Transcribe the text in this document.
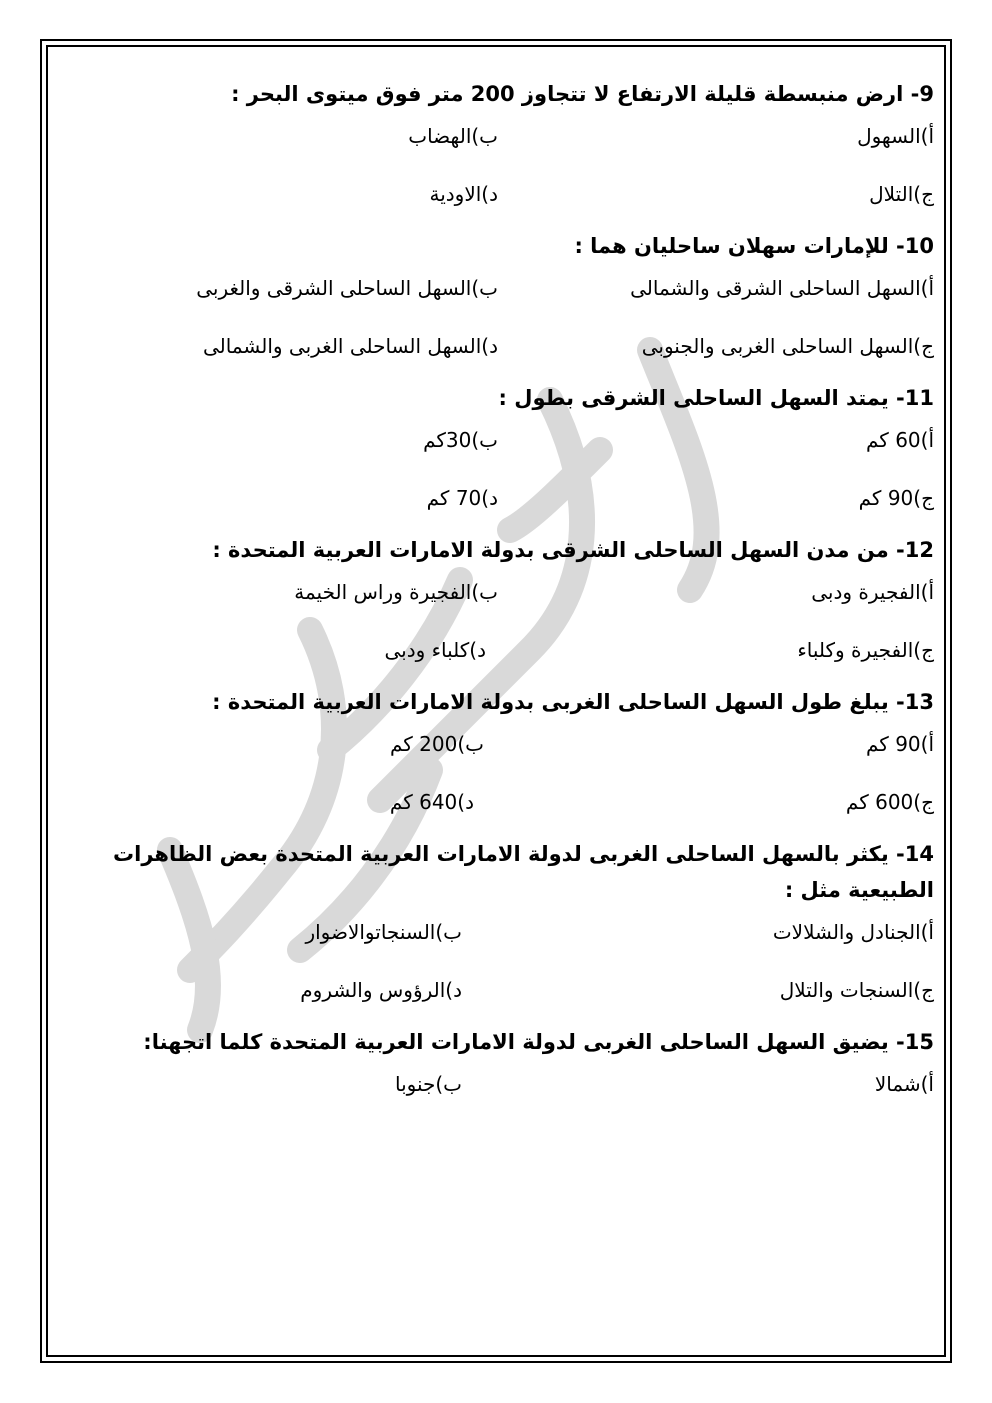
9- ارض منبسطة قليلة الارتفاع لا تتجاوز 200 متر فوق ميتوى البحر :

أ)السهول
ب)الهضاب
ج)التلال
د)الاودية

10- للإمارات سهلان ساحليان هما :

أ)السهل الساحلى الشرقى والشمالى
ب)السهل الساحلى الشرقى والغربى
ج)السهل الساحلى الغربى والجنوبى
د)السهل الساحلى الغربى والشمالى

11- يمتد السهل الساحلى الشرقى بطول :

أ)60 كم
ب)30كم
ج)90 كم
د)70 كم

12- من مدن السهل الساحلى الشرقى بدولة الامارات العربية المتحدة :

أ)الفجيرة ودبى
ب)الفجيرة وراس الخيمة
ج)الفجيرة وكلباء
د)كلباء ودبى

13- يبلغ طول السهل الساحلى الغربى بدولة الامارات العربية المتحدة :

أ)90 كم
ب)200 كم
ج)600 كم
د)640 كم

14- يكثر بالسهل الساحلى الغربى لدولة الامارات العربية المتحدة بعض الظاهرات الطبيعية مثل :

أ)الجنادل والشلالات
ب)السنجاتوالاضوار
ج)السنجات والتلال
د)الرؤوس والشروم

15- يضيق السهل الساحلى الغربى لدولة الامارات العربية المتحدة كلما اتجهنا:

أ)شمالا
ب)جنوبا
